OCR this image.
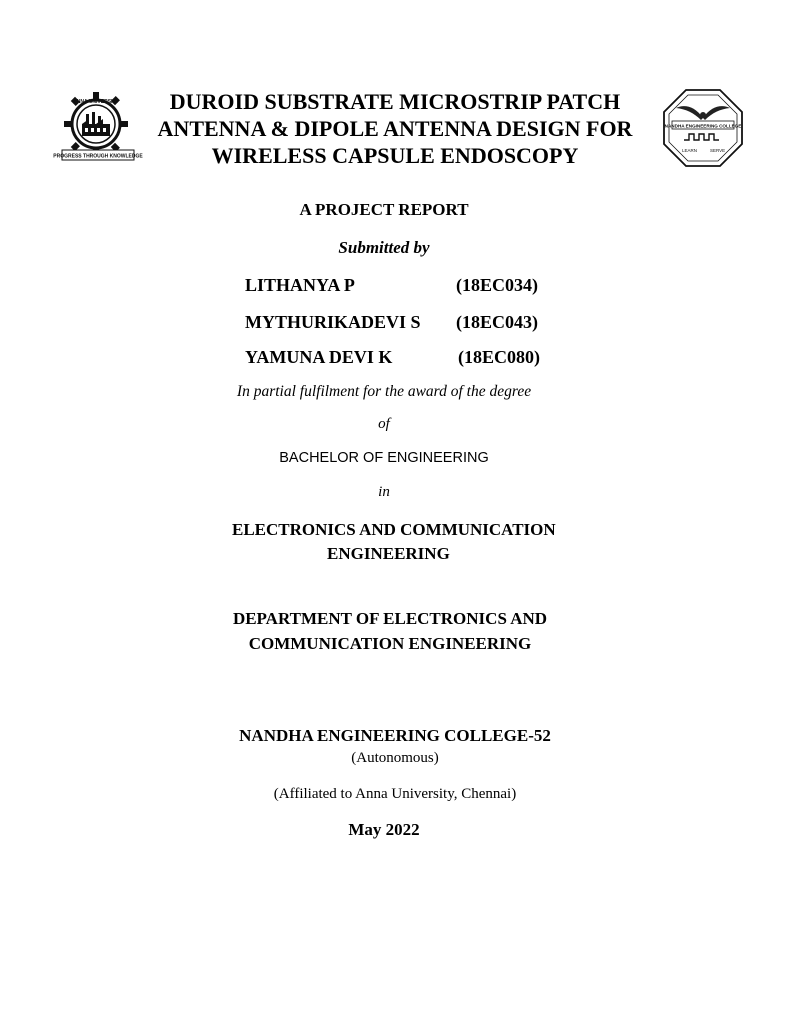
PROGRESS THROUGH KNOWLEDGE
ANNA UNIVERSITY
NANDHA ENGINEERING COLLEGE
LEARN	SERVE
DUROID SUBSTRATE MICROSTRIP PATCH
ANTENNA & DIPOLE ANTENNA DESIGN FOR
WIRELESS CAPSULE ENDOSCOPY
A PROJECT REPORT
Submitted by
LITHANYA P	(18EC034)
MYTHURIKADEVI S (18EC043)
YAMUNA DEVI K	(18EC080)
In partial fulfilment for the award of the degree
of
BACHELOR OF ENGINEERING
in
ELECTRONICS AND COMMUNICATION
ENGINEERING
DEPARTMENT OF ELECTRONICS AND
COMMUNICATION ENGINEERING
NANDHA ENGINEERING COLLEGE-52
(Autonomous)
(Affiliated to Anna University, Chennai)
May 2022
